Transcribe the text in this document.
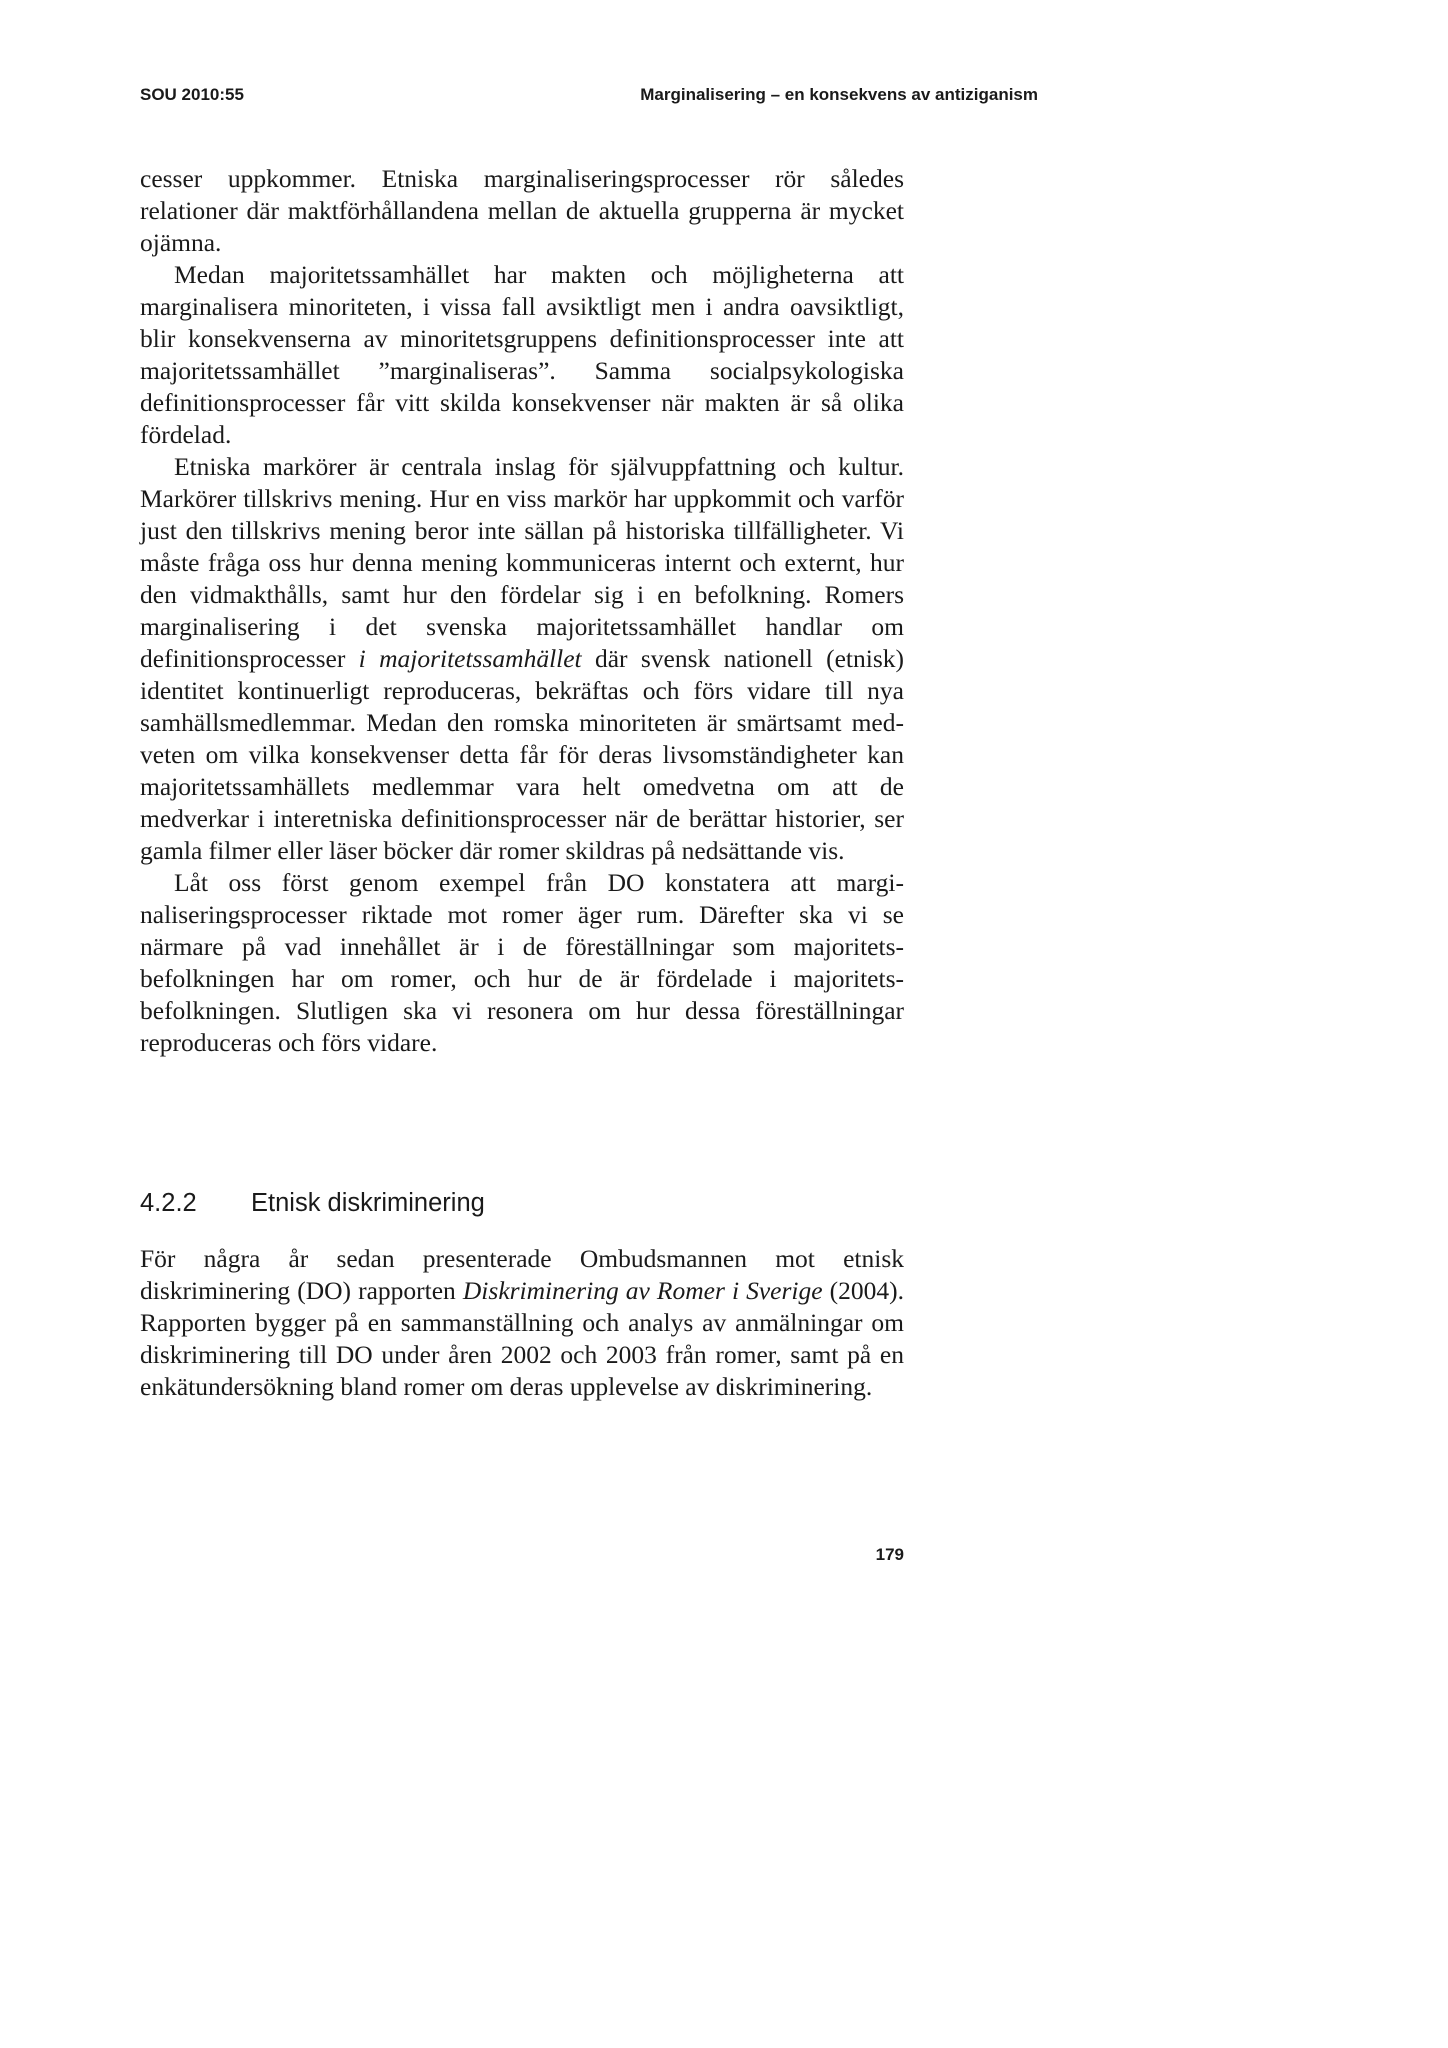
SOU 2010:55	Marginalisering – en konsekvens av antiziganism

cesser uppkommer. Etniska marginaliseringsprocesser rör således relationer där maktförhållandena mellan de aktuella grupperna är mycket ojämna.

Medan majoritetssamhället har makten och möjligheterna att marginalisera minoriteten, i vissa fall avsiktligt men i andra oavsiktligt, blir konsekvenserna av minoritetsgruppens definitionsprocesser inte att majoritetssamhället ”marginaliseras”. Samma socialpsykologiska definitionsprocesser får vitt skilda konsekvenser när makten är så olika fördelad.

Etniska markörer är centrala inslag för självuppfattning och kultur. Markörer tillskrivs mening. Hur en viss markör har uppkommit och varför just den tillskrivs mening beror inte sällan på historiska tillfälligheter. Vi måste fråga oss hur denna mening kommuniceras internt och externt, hur den vidmakthålls, samt hur den fördelar sig i en befolkning. Romers marginalisering i det svenska majoritetssamhället handlar om definitionsprocesser i majoritetssamhället där svensk nationell (etnisk) identitet kontinuerligt reproduceras, bekräftas och förs vidare till nya samhällsmedlemmar. Medan den romska minoriteten är smärtsamt medveten om vilka konsekvenser detta får för deras livsomständigheter kan majoritetssamhällets medlemmar vara helt omedvetna om att de medverkar i interetniska definitionsprocesser när de berättar historier, ser gamla filmer eller läser böcker där romer skildras på nedsättande vis.

Låt oss först genom exempel från DO konstatera att marginaliseringsprocesser riktade mot romer äger rum. Därefter ska vi se närmare på vad innehållet är i de föreställningar som majoritetsbefolkningen har om romer, och hur de är fördelade i majoritetsbefolkningen. Slutligen ska vi resonera om hur dessa föreställningar reproduceras och förs vidare.

4.2.2 Etnisk diskriminering

För några år sedan presenterade Ombudsmannen mot etnisk diskriminering (DO) rapporten Diskriminering av Romer i Sverige (2004). Rapporten bygger på en sammanställning och analys av anmälningar om diskriminering till DO under åren 2002 och 2003 från romer, samt på en enkätundersökning bland romer om deras upplevelse av diskriminering.

179
